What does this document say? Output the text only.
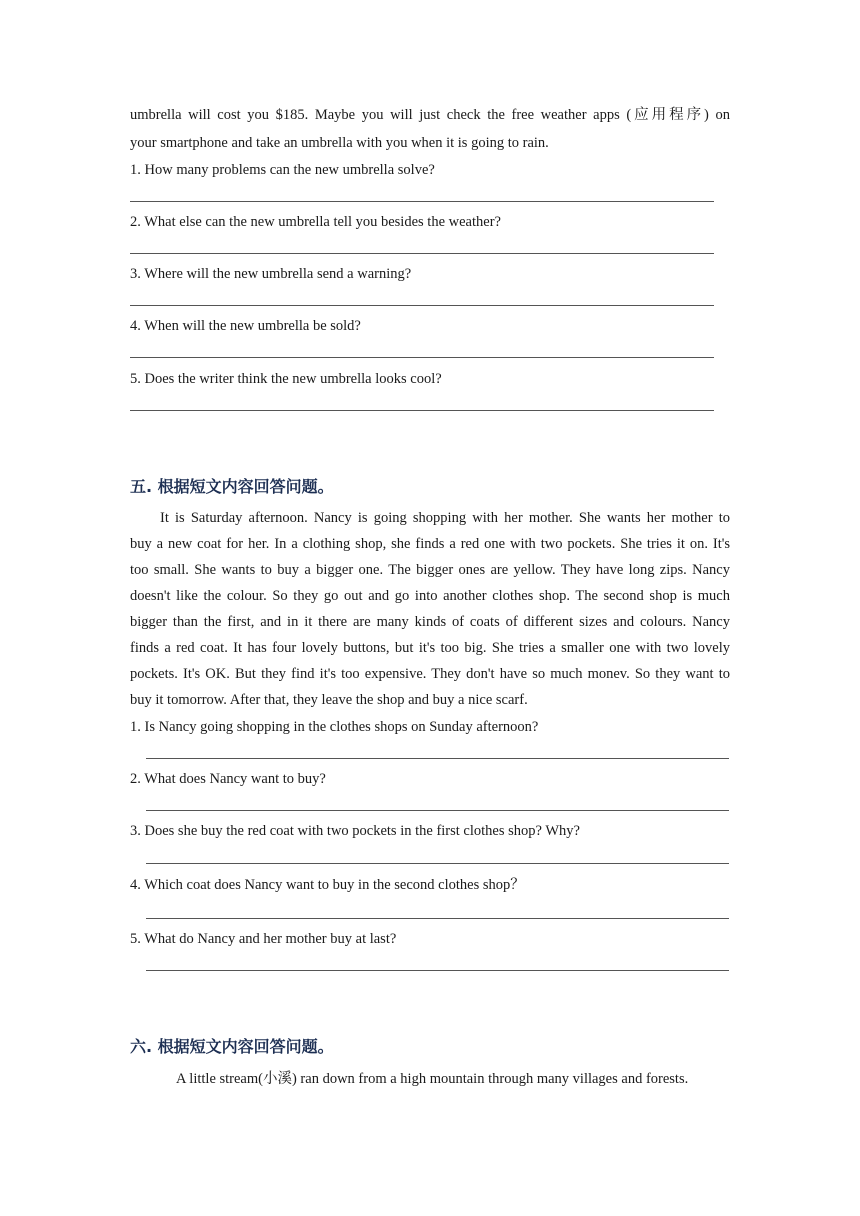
umbrella will cost you $185. Maybe you will just check the free weather apps (应用程序) on
your smartphone and take an umbrella with you when it is going to rain.
1. How many problems can the new umbrella solve?
2. What else can the new umbrella tell you besides the weather?
3. Where will the new umbrella send a warning?
4. When will the new umbrella be sold?
5. Does the writer think the new umbrella looks cool?
五. 根据短文内容回答问题。
It is Saturday afternoon. Nancy is going shopping with her mother. She wants her mother to
buy a new coat for her. In a clothing shop, she finds a red one with two pockets. She tries it on. It's
too small. She wants to buy a bigger one. The bigger ones are yellow. They have long zips. Nancy
doesn't like the colour. So they go out and go into another clothes shop. The second shop is much
bigger than the first, and in it there are many kinds of coats of different sizes and colours. Nancy
finds a red coat. It has four lovely buttons, but it's too big. She tries a smaller one with two lovely
pockets. It's OK. But they find it's too expensive. They don't have so much monev. So they want to
buy it tomorrow. After that, they leave the shop and buy a nice scarf.
1. Is Nancy going shopping in the clothes shops on Sunday afternoon?
2. What does Nancy want to buy?
3. Does she buy the red coat with two pockets in the first clothes shop? Why?
4. Which coat does Nancy want to buy in the second clothes shop？
5. What do Nancy and her mother buy at last?
六. 根据短文内容回答问题。
A little stream(小溪) ran down from a high mountain through many villages and forests.
